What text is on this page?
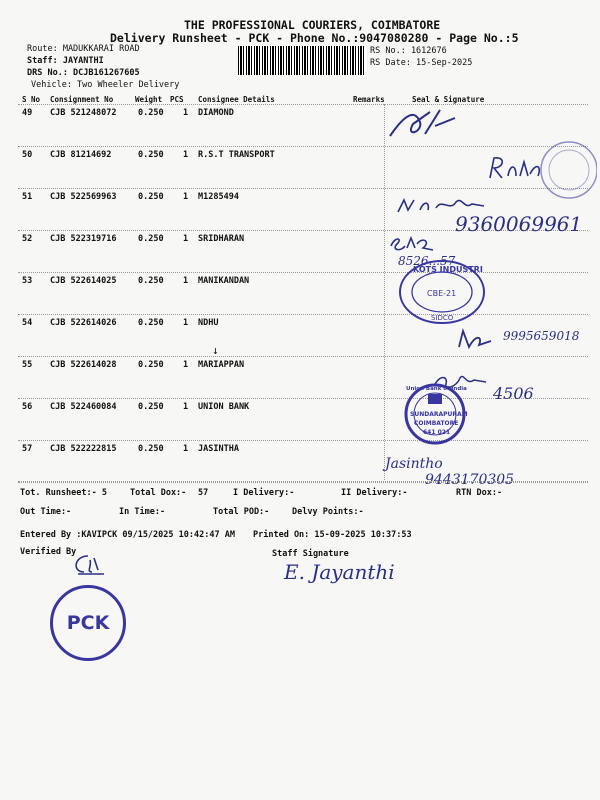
THE PROFESSIONAL COURIERS, COIMBATORE
Delivery Runsheet - PCK - Phone No.:9047080280 - Page No.:5
Route: MADUKKARAI ROAD
Staff: JAYANTHI
DRS No.: DCJB161267605
Vehicle: Two Wheeler Delivery
RS No.: 1612676
RS Date: 15-Sep-2025
S No Consignment No	Weight PCS Consignee Details	Remarks	Seal & Signature
49 CJB 521248072	0.250 1 DIAMOND
50 CJB 81214692	0.250 1 R.S.T TRANSPORT
51 CJB 522569963	0.250 1 M1285494
52 CJB 522319716	0.250 1 SRIDHARAN
53 CJB 522614025	0.250 1 MANIKANDAN
54 CJB 522614026	0.250 1 NDHU
55 CJB 522614028	0.250 1 MARIAPPAN
56 CJB 522460084	0.250 1 UNION BANK
57 CJB 522222815	0.250 1 JASINTHA
9360069961
8526...57
9995659018
4506
Jasintho
9443170305
KOTS INDUSTRI
CBE-21
SIDCO
Union Bank of India
SUNDARAPURAM
COIMBATORE
641 021
↓
Tot. Runsheet:- 5	Total Dox:- 57	I Delivery:-	II Delivery:-	RTN Dox:-
Out Time:-	In Time:-	Total POD:-	Delvy Points:-
Entered By :KAVIPCK 09/15/2025 10:42:47 AM Printed On: 15-09-2025 10:37:53
Verified By	Staff Signature
E. Jayanthi
PCK
